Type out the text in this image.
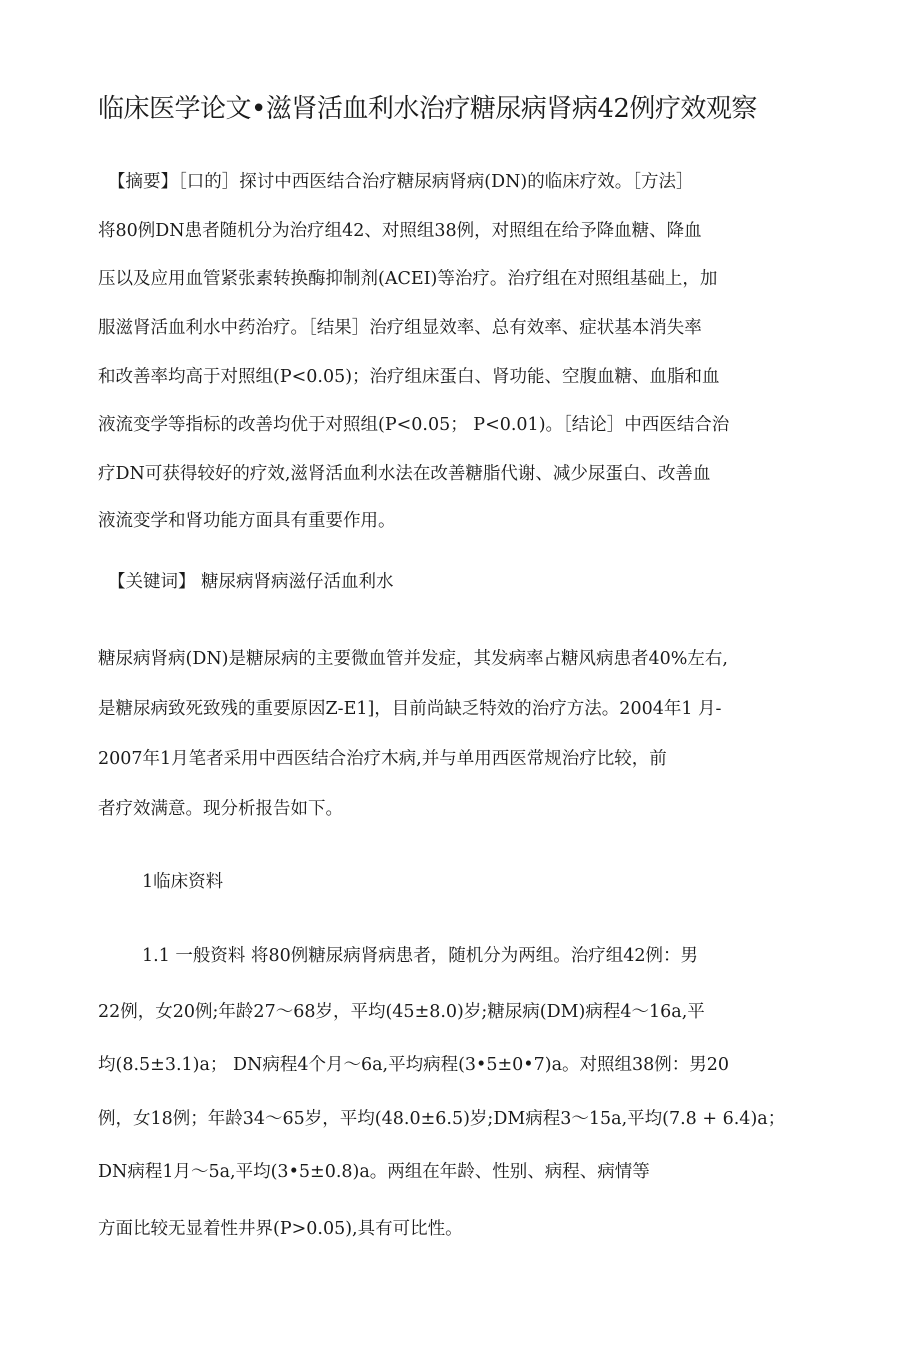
临床医学论文•滋肾活血利水治疗糖尿病肾病42例疗效观察

【摘要】［口的］探讨中西医结合治疗糖尿病肾病(DN)的临床疗效。［方法］

将80例DN患者随机分为治疗组42、对照组38例，对照组在给予降血糖、降血

压以及应用血管紧张素转换酶抑制剂(ACEI)等治疗。治疗组在对照组基础上，加

服滋肾活血利水中药治疗。［结果］治疗组显效率、总有效率、症状基本消失率

和改善率均高于对照组(P<0.05)；治疗组床蛋白、肾功能、空腹血糖、血脂和血

液流变学等指标的改善均优于对照组(P<0.05； P<0.01)。［结论］中西医结合治

疗DN可获得较好的疗效,滋肾活血利水法在改善糖脂代谢、减少尿蛋白、改善血

液流变学和肾功能方面具有重要作用。

【关键词】 糖尿病肾病滋仔活血利水

糖尿病肾病(DN)是糖尿病的主要微血管并发症，其发病率占糖风病患者40%左右,

是糖尿病致死致残的重要原因Z-E1]，目前尚缺乏特效的治疗方法。2004年1 月-

2007年1月笔者采用中西医结合治疗木病,并与单用西医常规治疗比较，前

者疗效满意。现分析报告如下。

1临床资料

1.1 一般资料 将80例糖尿病肾病患者，随机分为两组。治疗组42例：男

22例，女20例;年龄27～68岁，平均(45±8.0)岁;糖尿病(DM)病程4～16a,平

均(8.5±3.1)a； DN病程4个月～6a,平均病程(3•5±0•7)a。对照组38例：男20

例，女18例；年龄34～65岁，平均(48.0±6.5)岁;DM病程3～15a,平均(7.8 + 6.4)a；

DN病程1月～5a,平均(3•5±0.8)a。两组在年龄、性别、病程、病情等

方面比较无显着性井界(P>0.05),具有可比性。
